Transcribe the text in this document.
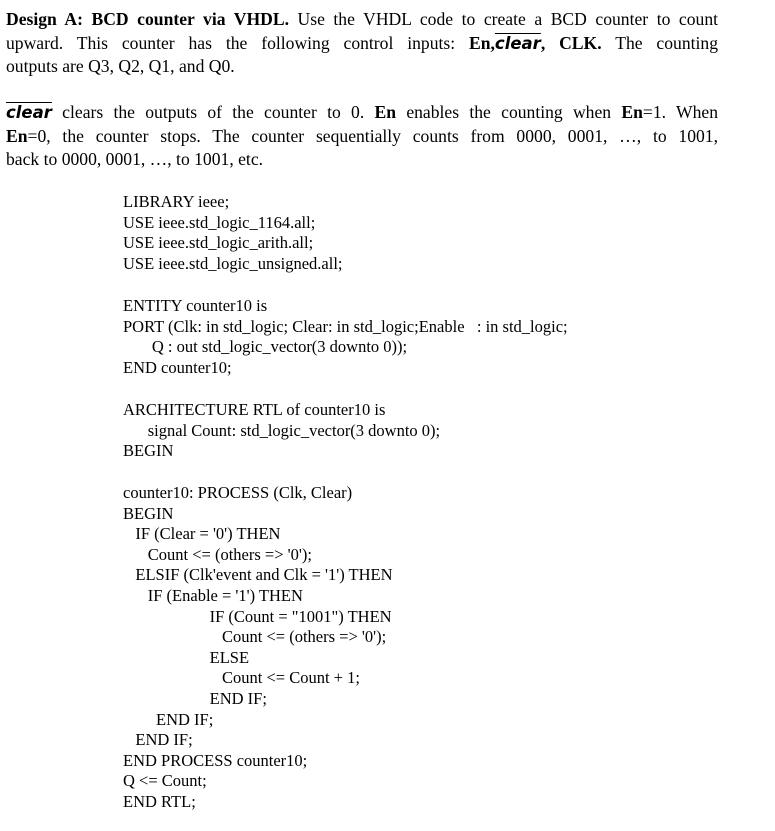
Design A: BCD counter via VHDL. Use the VHDL code to create a BCD counter to count
upward. This counter has the following control inputs: En,clear, CLK. The counting
outputs are Q3, Q2, Q1, and Q0.
clear clears the outputs of the counter to 0. En enables the counting when En=1. When
En=0, the counter stops. The counter sequentially counts from 0000, 0001, …, to 1001,
back to 0000, 0001, …, to 1001, etc.
LIBRARY ieee;
USE ieee.std_logic_1164.all;
USE ieee.std_logic_arith.all;
USE ieee.std_logic_unsigned.all;
ENTITY counter10 is
PORT (Clk: in std_logic; Clear: in std_logic;Enable   : in std_logic;
Q : out std_logic_vector(3 downto 0));
END counter10;
ARCHITECTURE RTL of counter10 is
signal Count: std_logic_vector(3 downto 0);
BEGIN
counter10: PROCESS (Clk, Clear)
BEGIN
IF (Clear = '0') THEN
Count <= (others => '0');
ELSIF (Clk'event and Clk = '1') THEN
IF (Enable = '1') THEN
IF (Count = "1001") THEN
Count <= (others => '0');
ELSE
Count <= Count + 1;
END IF;
END IF;
END IF;
END PROCESS counter10;
Q <= Count;
END RTL;
